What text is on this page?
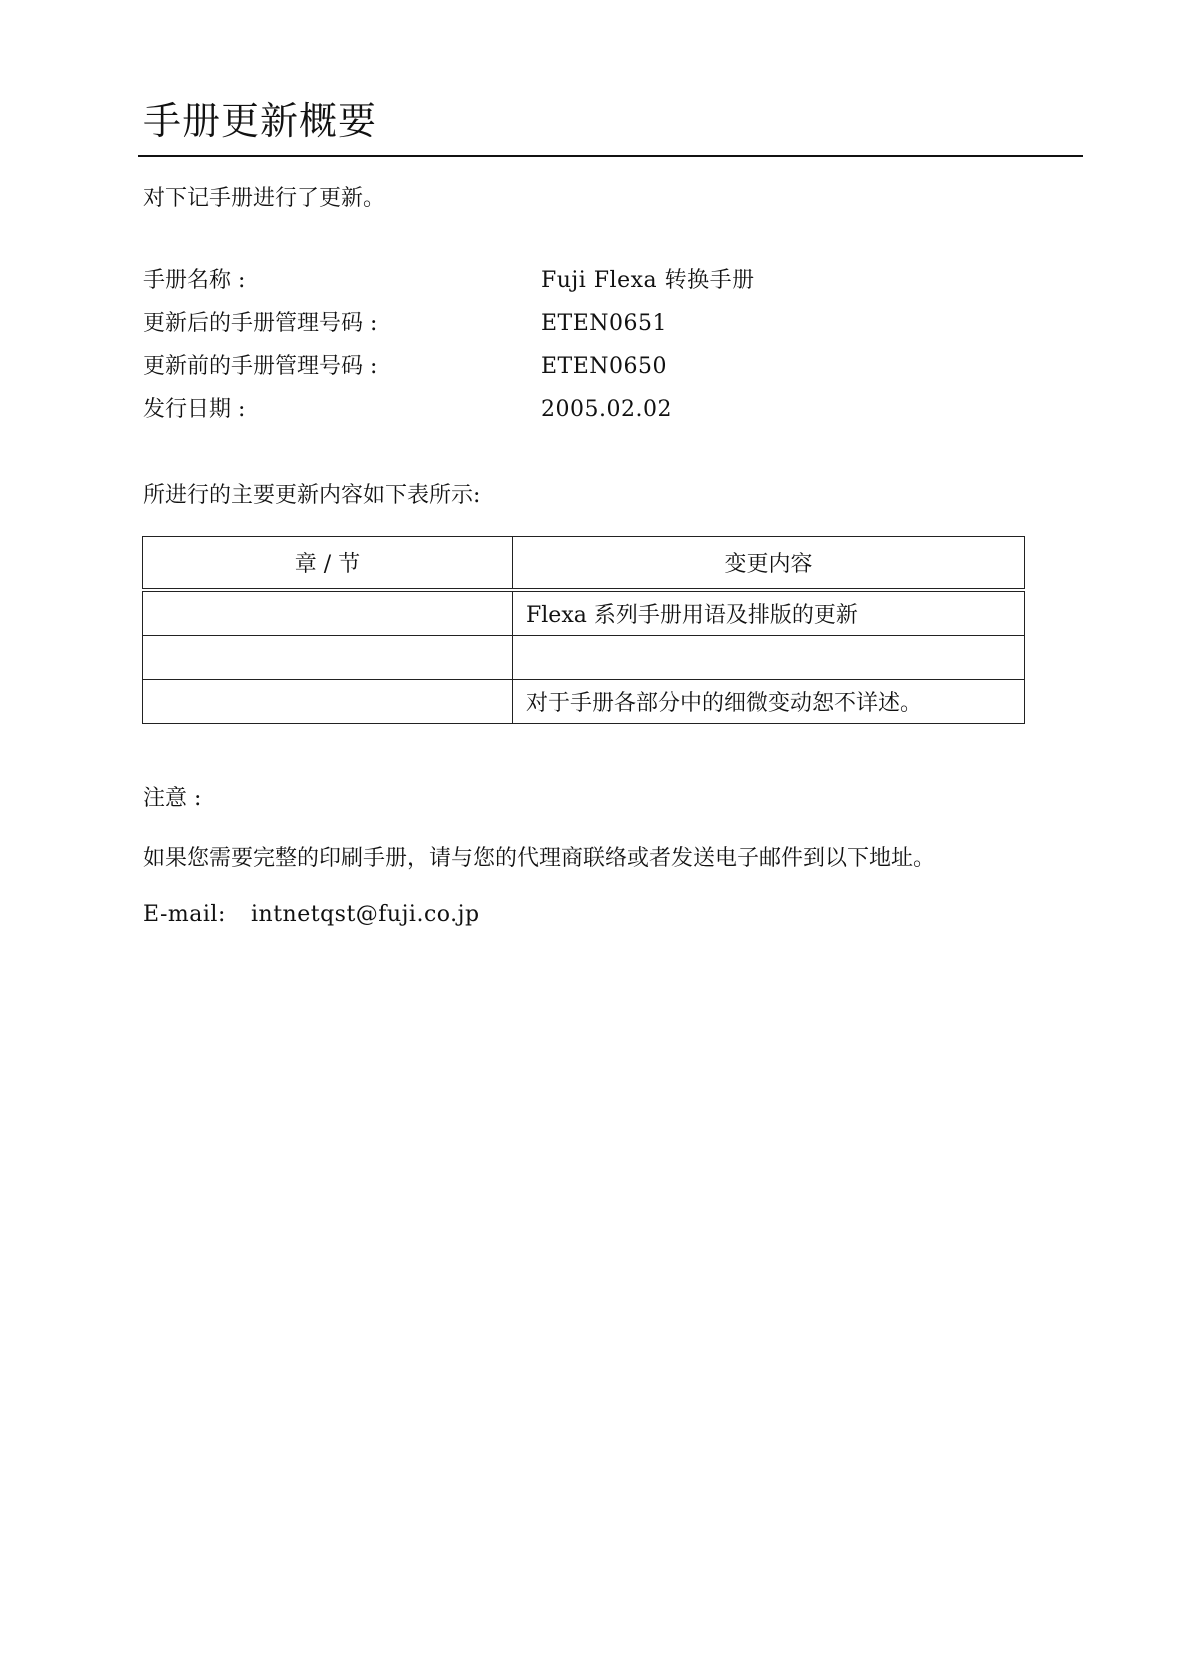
手册更新概要
对下记手册进行了更新。
手册名称 :	Fuji Flexa 转换手册
更新后的手册管理号码 :	ETEN0651
更新前的手册管理号码 :	ETEN0650
发行日期 :	2005.02.02
所进行的主要更新内容如下表所示:
章 / 节	变更内容
	Flexa 系列手册用语及排版的更新

	对于手册各部分中的细微变动恕不详述。
注意 :
如果您需要完整的印刷手册，请与您的代理商联络或者发送电子邮件到以下地址。
E-mail: intnetqst@fuji.co.jp
